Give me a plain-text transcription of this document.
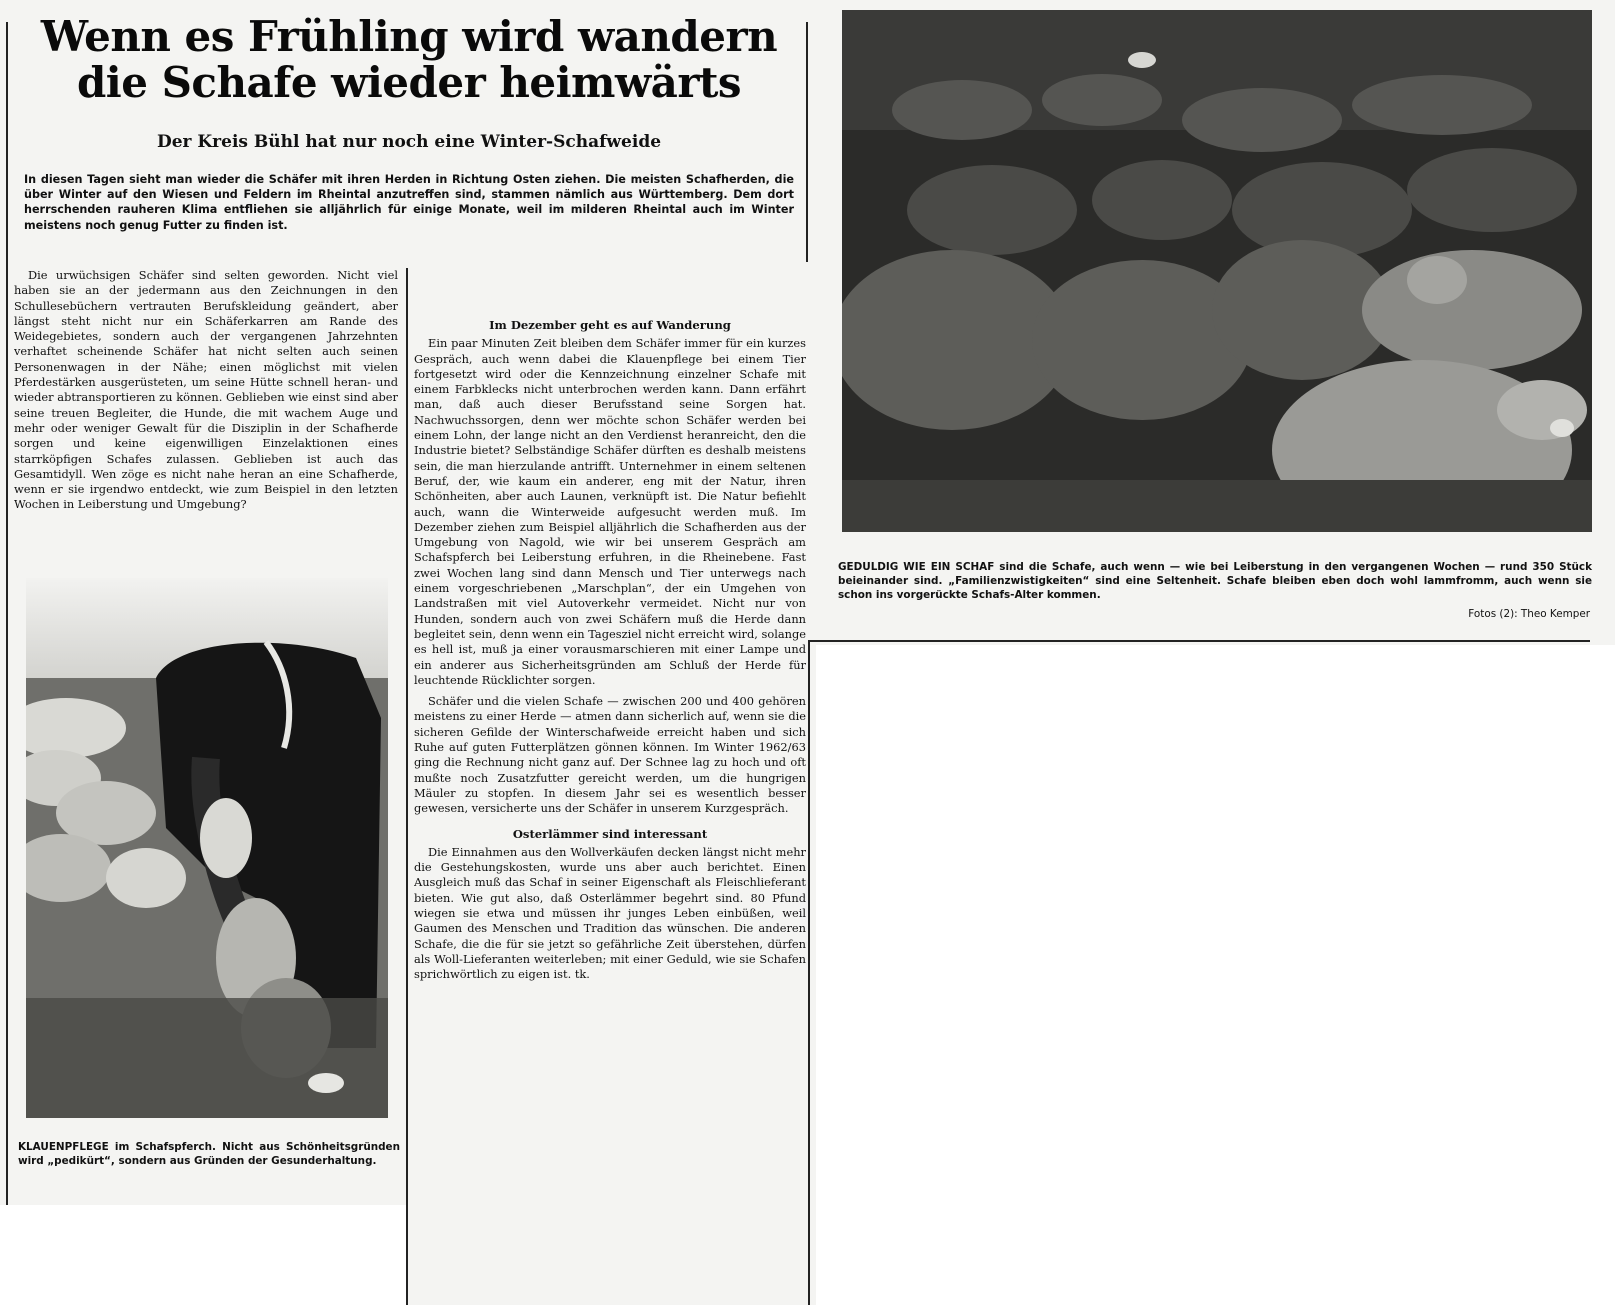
Wenn es Frühling wird wandern
die Schafe wieder heimwärts
Der Kreis Bühl hat nur noch eine Winter-Schafweide
In diesen Tagen sieht man wieder die Schäfer mit ihren Herden in Richtung Osten ziehen. Die meisten Schafherden, die über Winter auf den Wiesen und Feldern im Rheintal anzutreffen sind, stammen nämlich aus Württemberg. Dem dort herrschenden rauheren Klima entfliehen sie alljährlich für einige Monate, weil im milderen Rheintal auch im Winter meistens noch genug Futter zu finden ist.

Die urwüchsigen Schäfer sind selten geworden. Nicht viel haben sie an der jedermann aus den Zeichnungen in den Schullesebüchern vertrauten Berufskleidung geändert, aber längst steht nicht nur ein Schäferkarren am Rande des Weidegebietes, sondern auch der vergangenen Jahrzehnten verhaftet scheinende Schäfer hat nicht selten auch seinen Personenwagen in der Nähe; einen möglichst mit vielen Pferdestärken ausgerüsteten, um seine Hütte schnell heran- und wieder abtransportieren zu können. Geblieben wie einst sind aber seine treuen Begleiter, die Hunde, die mit wachem Auge und mehr oder weniger Gewalt für die Disziplin in der Schafherde sorgen und keine eigenwilligen Einzelaktionen eines starrköpfigen Schafes zulassen. Geblieben ist auch das Gesamtidyll. Wen zöge es nicht nahe heran an eine Schafherde, wenn er sie irgendwo entdeckt, wie zum Beispiel in den letzten Wochen in Leiberstung und Umgebung?

Im Dezember geht es auf Wanderung

Ein paar Minuten Zeit bleiben dem Schäfer immer für ein kurzes Gespräch, auch wenn dabei die Klauenpflege bei einem Tier fortgesetzt wird oder die Kennzeichnung einzelner Schafe mit einem Farbklecks nicht unterbrochen werden kann. Dann erfährt man, daß auch dieser Berufsstand seine Sorgen hat. Nachwuchssorgen, denn wer möchte schon Schäfer werden bei einem Lohn, der lange nicht an den Verdienst heranreicht, den die Industrie bietet? Selbständige Schäfer dürften es deshalb meistens sein, die man hierzulande antrifft. Unternehmer in einem seltenen Beruf, der, wie kaum ein anderer, eng mit der Natur, ihren Schönheiten, aber auch Launen, verknüpft ist. Die Natur befiehlt auch, wann die Winterweide aufgesucht werden muß. Im Dezember ziehen zum Beispiel alljährlich die Schafherden aus der Umgebung von Nagold, wie wir bei unserem Gespräch am Schafspferch bei Leiberstung erfuhren, in die Rheinebene. Fast zwei Wochen lang sind dann Mensch und Tier unterwegs nach einem vorgeschriebenen „Marschplan“, der ein Umgehen von Landstraßen mit viel Autoverkehr vermeidet. Nicht nur von Hunden, sondern auch von zwei Schäfern muß die Herde dann begleitet sein, denn wenn ein Tagesziel nicht erreicht wird, solange es hell ist, muß ja einer vorausmarschieren mit einer Lampe und ein anderer aus Sicherheitsgründen am Schluß der Herde für leuchtende Rücklichter sorgen.

Schäfer und die vielen Schafe — zwischen 200 und 400 gehören meistens zu einer Herde — atmen dann sicherlich auf, wenn sie die sicheren Gefilde der Winterschafweide erreicht haben und sich Ruhe auf guten Futterplätzen gönnen können. Im Winter 1962/63 ging die Rechnung nicht ganz auf. Der Schnee lag zu hoch und oft mußte noch Zusatzfutter gereicht werden, um die hungrigen Mäuler zu stopfen. In diesem Jahr sei es wesentlich besser gewesen, versicherte uns der Schäfer in unserem Kurzgespräch.

Osterlämmer sind interessant

Die Einnahmen aus den Wollverkäufen decken längst nicht mehr die Gestehungskosten, wurde uns aber auch berichtet. Einen Ausgleich muß das Schaf in seiner Eigenschaft als Fleischlieferant bieten. Wie gut also, daß Osterlämmer begehrt sind. 80 Pfund wiegen sie etwa und müssen ihr junges Leben einbüßen, weil Gaumen des Menschen und Tradition das wünschen. Die anderen Schafe, die die für sie jetzt so gefährliche Zeit überstehen, dürfen als Woll-Lieferanten weiterleben; mit einer Geduld, wie sie Schafen sprichwörtlich zu eigen ist. tk.

KLAUENPFLEGE im Schafspferch. Nicht aus Schönheitsgründen wird „pedikürt“, sondern aus Gründen der Gesunderhaltung.
GEDULDIG WIE EIN SCHAF sind die Schafe, auch wenn — wie bei Leiberstung in den vergangenen Wochen — rund 350 Stück beieinander sind. „Familienzwistigkeiten“ sind eine Seltenheit. Schafe bleiben eben doch wohl lammfromm, auch wenn sie schon ins vorgerückte Schafs-Alter kommen.
Fotos (2): Theo Kemper
